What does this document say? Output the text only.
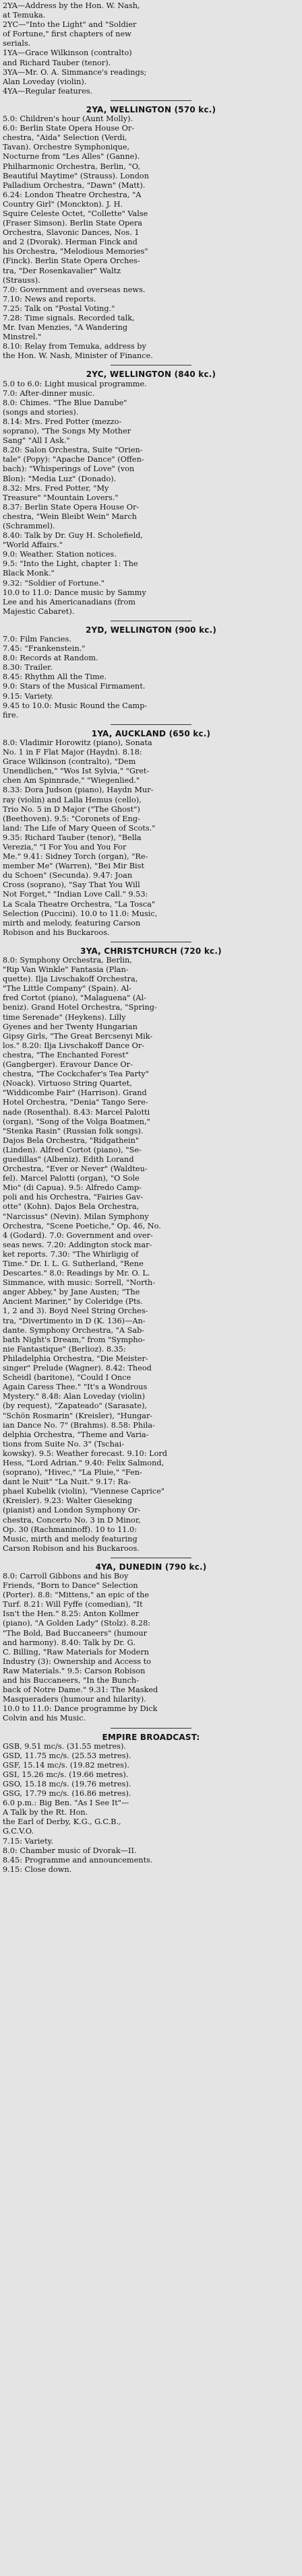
2YA—Address by the Hon. W. Nash,
at Temuka.
2YC—"Into the Light" and "Soldier
of Fortune," first chapters of new
serials.
1YA—Grace Wilkinson (contralto)
and Richard Tauber (tenor).
3YA—Mr. O. A. Simmance's readings;
Alan Loveday (violin).
4YA—Regular features.
2YA, WELLINGTON (570 kc.)
5.0: Children's hour (Aunt Molly).
6.0: Berlin State Opera House Or-
chestra, "Aida" Selection (Verdi,
Tavan). Orchestre Symphonique,
Nocturne from "Les Alles" (Ganne).
Philharmonic Orchestra, Berlin, "O,
Beautiful Maytime" (Strauss). London
Palladium Orchestra, "Dawn" (Matt).
6.24: London Theatre Orchestra, "A
Country Girl" (Monckton). J. H.
Squire Celeste Octet, "Collette" Valse
(Fraser Simson). Berlin State Opera
Orchestra, Slavonic Dances, Nos. 1
and 2 (Dvorak). Herman Finck and
his Orchestra, "Melodious Memories"
(Finck). Berlin State Opera Orches-
tra, "Der Rosenkavalier" Waltz
(Strauss).
7.0: Government and overseas news.
7.10: News and reports.
7.25: Talk on "Postal Voting."
7.28: Time signals. Recorded talk,
Mr. Ivan Menzies, "A Wandering
Minstrel."
8.10: Relay from Temuka, address by
the Hon. W. Nash, Minister of Finance.
2YC, WELLINGTON (840 kc.)
5.0 to 6.0: Light musical programme.
7.0: After-dinner music.
8.0: Chimes. "The Blue Danube"
(songs and stories).
8.14: Mrs. Fred Potter (mezzo-
soprano), "The Songs My Mother
Sang" "All I Ask."
8.20: Salon Orchestra, Suite "Orien-
tale" (Popy): "Apache Dance" (Offen-
bach): "Whisperings of Love" (von
Blon): "Media Luz" (Donado).
8.32: Mrs. Fred Potter, "My
Treasure" "Mountain Lovers."
8.37: Berlin State Opera House Or-
chestra, "Wein Bleibt Wein" March
(Schrammel).
8.40: Talk by Dr. Guy H. Scholefield,
"World Affairs."
9.0: Weather. Station notices.
9.5: "Into the Light, chapter 1: The
Black Monk."
9.32: "Soldier of Fortune."
10.0 to 11.0: Dance music by Sammy
Lee and his Americanadians (from
Majestic Cabaret).
2YD, WELLINGTON (900 kc.)
7.0: Film Fancies.
7.45: "Frankenstein."
8.0: Records at Random.
8.30: Trailer.
8.45: Rhythm All the Time.
9.0: Stars of the Musical Firmament.
9.15: Variety.
9.45 to 10.0: Music Round the Camp-
fire.
1YA, AUCKLAND (650 kc.)
8.0: Vladimir Horowitz (piano), Sonata
No. 1 in F Flat Major (Haydn). 8.18:
Grace Wilkinson (contralto), "Dem
Unendlichen," "Wos Ist Sylvia," "Gret-
chen Am Spinnrade," "Wiegenlied."
8.33: Dora Judson (piano), Haydn Mur-
ray (violin) and Lalla Hemus (cello),
Trio No. 5 in D Major ("The Ghost")
(Beethoven). 9.5: "Coronets of Eng-
land: The Life of Mary Queen of Scots."
9.35: Richard Tauber (tenor), "Bella
Verezia," "I For You and You For
Me." 9.41: Sidney Torch (organ), "Re-
member Me" (Warren), "Bei Mir Bist
du Schoen" (Secunda). 9.47: Joan
Cross (soprano), "Say That You Will
Not Forget," "Indian Love Call." 9.53:
La Scala Theatre Orchestra, "La Tosca"
Selection (Puccini). 10.0 to 11.0: Music,
mirth and melody, featuring Carson
Robison and his Buckaroos.
3YA, CHRISTCHURCH (720 kc.)
8.0: Symphony Orchestra, Berlin,
"Rip Van Winkle" Fantasia (Plan-
quette). Ilja Livschakoff Orchestra,
"The Little Company" (Spain). Al-
fred Cortot (piano), "Malaguena" (Al-
beniz). Grand Hotel Orchestra, "Spring-
time Serenade" (Heykens). Lilly
Gyenes and her Twenty Hungarian
Gipsy Girls, "The Great Bercsenyi Mik-
los." 8.20: Ilja Livschakoff Dance Or-
chestra, "The Enchanted Forest"
(Gangberger). Eravour Dance Or-
chestra, "The Cockchafer's Tea Party"
(Noack). Virtuoso String Quartet,
"Widdicombe Fair" (Harrison). Grand
Hotel Orchestra, "Denia" Tango Sere-
nade (Rosenthal). 8.43: Marcel Palotti
(organ), "Song of the Volga Boatmen,"
"Stenka Rasin" (Russian folk songs).
Dajos Bela Orchestra, "Ridgathein"
(Linden). Alfred Cortot (piano), "Se-
guedillas" (Albeniz). Edith Lorand
Orchestra, "Ever or Never" (Waldteu-
fel). Marcel Palotti (organ), "O Sole
Mio" (di Capua). 9.5: Alfredo Camp-
poli and his Orchestra, "Fairies Gav-
otte" (Kohn). Dajos Bela Orchestra,
"Narcissus" (Nevin). Milan Symphony
Orchestra, "Scene Poetiche," Op. 46, No.
4 (Godard). 7.0: Government and over-
seas news. 7.20: Addington stock mar-
ket reports. 7.30: "The Whirligig of
Time." Dr. I. L. G. Sutherland, "Rene
Descartes." 8.0: Readings by Mr. O. L.
Simmance, with music: Sorrell, "North-
anger Abbey," by Jane Austen; "The
Ancient Mariner," by Coleridge (Pts.
1, 2 and 3). Boyd Neel String Orches-
tra, "Divertimento in D (K. 136)—An-
dante. Symphony Orchestra, "A Sab-
bath Night's Dream," from "Sympho-
nie Fantastique" (Berlioz). 8.35:
Philadelphia Orchestra, "Die Meister-
singer" Prelude (Wagner). 8.42: Theod
Scheidl (baritone), "Could I Once
Again Caress Thee." "It's a Wondrous
Mystery." 8.48: Alan Loveday (violin)
(by request), "Zapateado" (Sarasate),
"Schön Rosmarin" (Kreisler), "Hungar-
ian Dance No. 7" (Brahms). 8.58: Phila-
delphia Orchestra, "Theme and Varia-
tions from Suite No. 3" (Tschai-
kowsky). 9.5: Weather forecast. 9.10: Lord
Hess, "Lord Adrian." 9.40: Felix Salmond,
(soprano), "Hivec," "La Pluie," "Fen-
dant le Nuit" "La Nuit." 9.17: Ra-
phael Kubelik (violin), "Viennese Caprice"
(Kreisler). 9.23: Walter Gieseking
(pianist) and London Symphony Or-
chestra, Concerto No. 3 in D Minor,
Op. 30 (Rachmaninoff). 10 to 11.0:
Music, mirth and melody featuring
Carson Robison and his Buckaroos.
4YA, DUNEDIN (790 kc.)
8.0: Carroll Gibbons and his Boy
Friends, "Born to Dance" Selection
(Porter). 8.8: "Mittens," an epic of the
Turf. 8.21: Will Fyffe (comedian), "It
Isn't the Hen." 8.25: Anton Kollmer
(piano), "A Golden Lady" (Stolz). 8.28:
"The Bold, Bad Buccaneers" (humour
and harmony). 8.40: Talk by Dr. G.
C. Billing, "Raw Materials for Modern
Industry (3): Ownership and Access to
Raw Materials." 9.5: Carson Robison
and his Buccaneers, "In the Bunch-
back of Notre Dame." 9.31: The Masked
Masqueraders (humour and hilarity).
10.0 to 11.0: Dance programme by Dick
Colvin and his Music.
EMPIRE BROADCAST:
GSB, 9.51 mc/s. (31.55 metres).
GSD, 11.75 mc/s. (25.53 metres).
GSF, 15.14 mc/s. (19.82 metres).
GSI, 15.26 mc/s. (19.66 metres).
GSO, 15.18 mc/s. (19.76 metres).
GSG, 17.79 mc/s. (16.86 metres).
6.0 p.m.: Big Ben. "As I See It"—
A Talk by the Rt. Hon.
the Earl of Derby, K.G., G.C.B.,
G.C.V.O.
7.15: Variety.
8.0: Chamber music of Dvorak—II.
8.45: Programme and announcements.
9.15: Close down.
